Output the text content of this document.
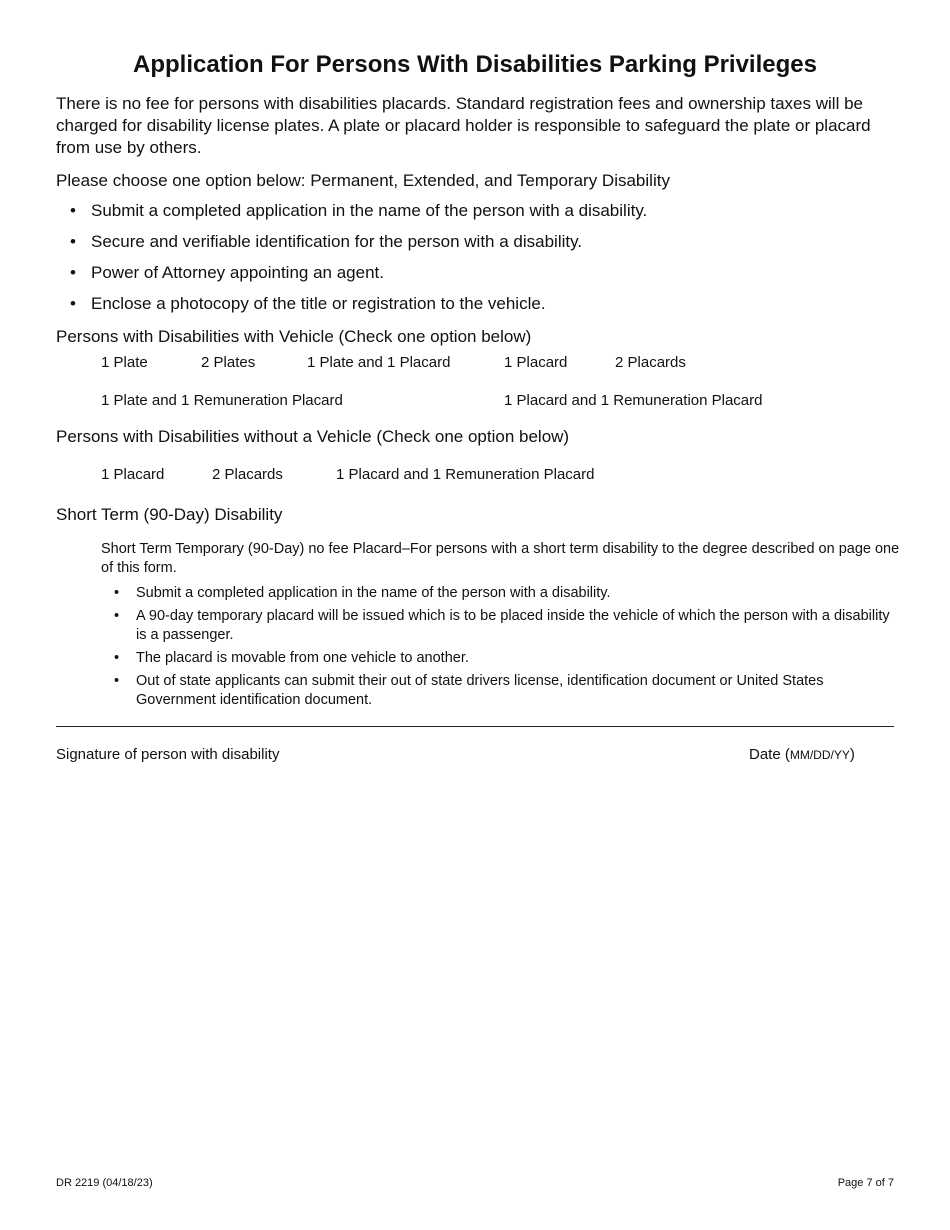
Application For Persons With Disabilities Parking Privileges

There is no fee for persons with disabilities placards. Standard registration fees and ownership taxes will be charged for disability license plates. A plate or placard holder is responsible to safeguard the plate or placard from use by others.

Please choose one option below: Permanent, Extended, and Temporary Disability

• Submit a completed application in the name of the person with a disability.
• Secure and verifiable identification for the person with a disability.
• Power of Attorney appointing an agent.
• Enclose a photocopy of the title or registration to the vehicle.

Persons with Disabilities with Vehicle (Check one option below)

1 Plate	2 Plates	1 Plate and 1 Placard	1 Placard	2 Placards
1 Plate and 1 Remuneration Placard	1 Placard and 1 Remuneration Placard

Persons with Disabilities without a Vehicle (Check one option below)

1 Placard	2 Placards	1 Placard and 1 Remuneration Placard

Short Term (90-Day) Disability

Short Term Temporary (90-Day) no fee Placard–For persons with a short term disability to the degree described on page one of this form.

• Submit a completed application in the name of the person with a disability.
• A 90-day temporary placard will be issued which is to be placed inside the vehicle of which the person with a disability is a passenger.
• The placard is movable from one vehicle to another.
• Out of state applicants can submit their out of state drivers license, identification document or United States Government identification document.
Signature of person with disability	Date (MM/DD/YY)
DR 2219 (04/18/23)	Page 7 of 7
